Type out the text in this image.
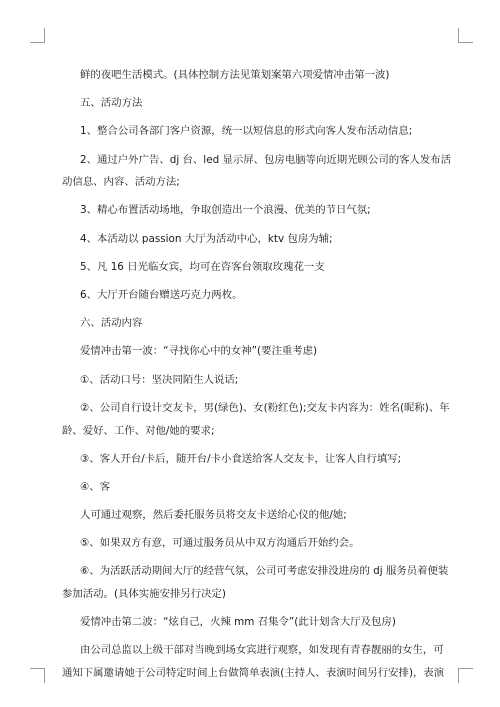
鲜的夜吧生活模式。(具体控制方法见策划案第六项爱情冲击第一波)
五、活动方法
1、整合公司各部门客户资源，统一以短信息的形式向客人发布活动信息;
2、通过户外广告、dj 台、led 显示屏、包房电脑等向近期光顾公司的客人发布活
动信息、内容、活动方法;
3、精心布置活动场地，争取创造出一个浪漫、优美的节日气氛;
4、本活动以 passion 大厅为活动中心，ktv 包房为辅;
5、凡 16 日光临女宾，均可在咨客台领取玫瑰花一支
6、大厅开台随台赠送巧克力两枚。
六、活动内容
爱情冲击第一波：“寻找你心中的女神”(要注重考虑)
①、活动口号：坚决同陌生人说话;
②、公司自行设计交友卡，男(绿色)、女(粉红色);交友卡内容为：姓名(昵称)、年
龄、爱好、工作、对他/她的要求;
③、客人开台/卡后，随开台/卡小食送给客人交友卡，让客人自行填写;
④、客
人可通过观察，然后委托服务员将交友卡送给心仪的他/她;
⑤、如果双方有意，可通过服务员从中双方沟通后开始约会。
⑥、为活跃活动期间大厅的经营气氛，公司可考虑安排没进房的 dj 服务员着便装
参加活动。(具体实施安排另行决定)
爱情冲击第二波：“炫自己，火辣 mm 召集令”(此计划含大厅及包房)
由公司总监以上级干部对当晚到场女宾进行观察，如发现有青春靓丽的女生，可
通知下属邀请她于公司特定时间上台做简单表演(主持人、表演时间另行安排)，表演
